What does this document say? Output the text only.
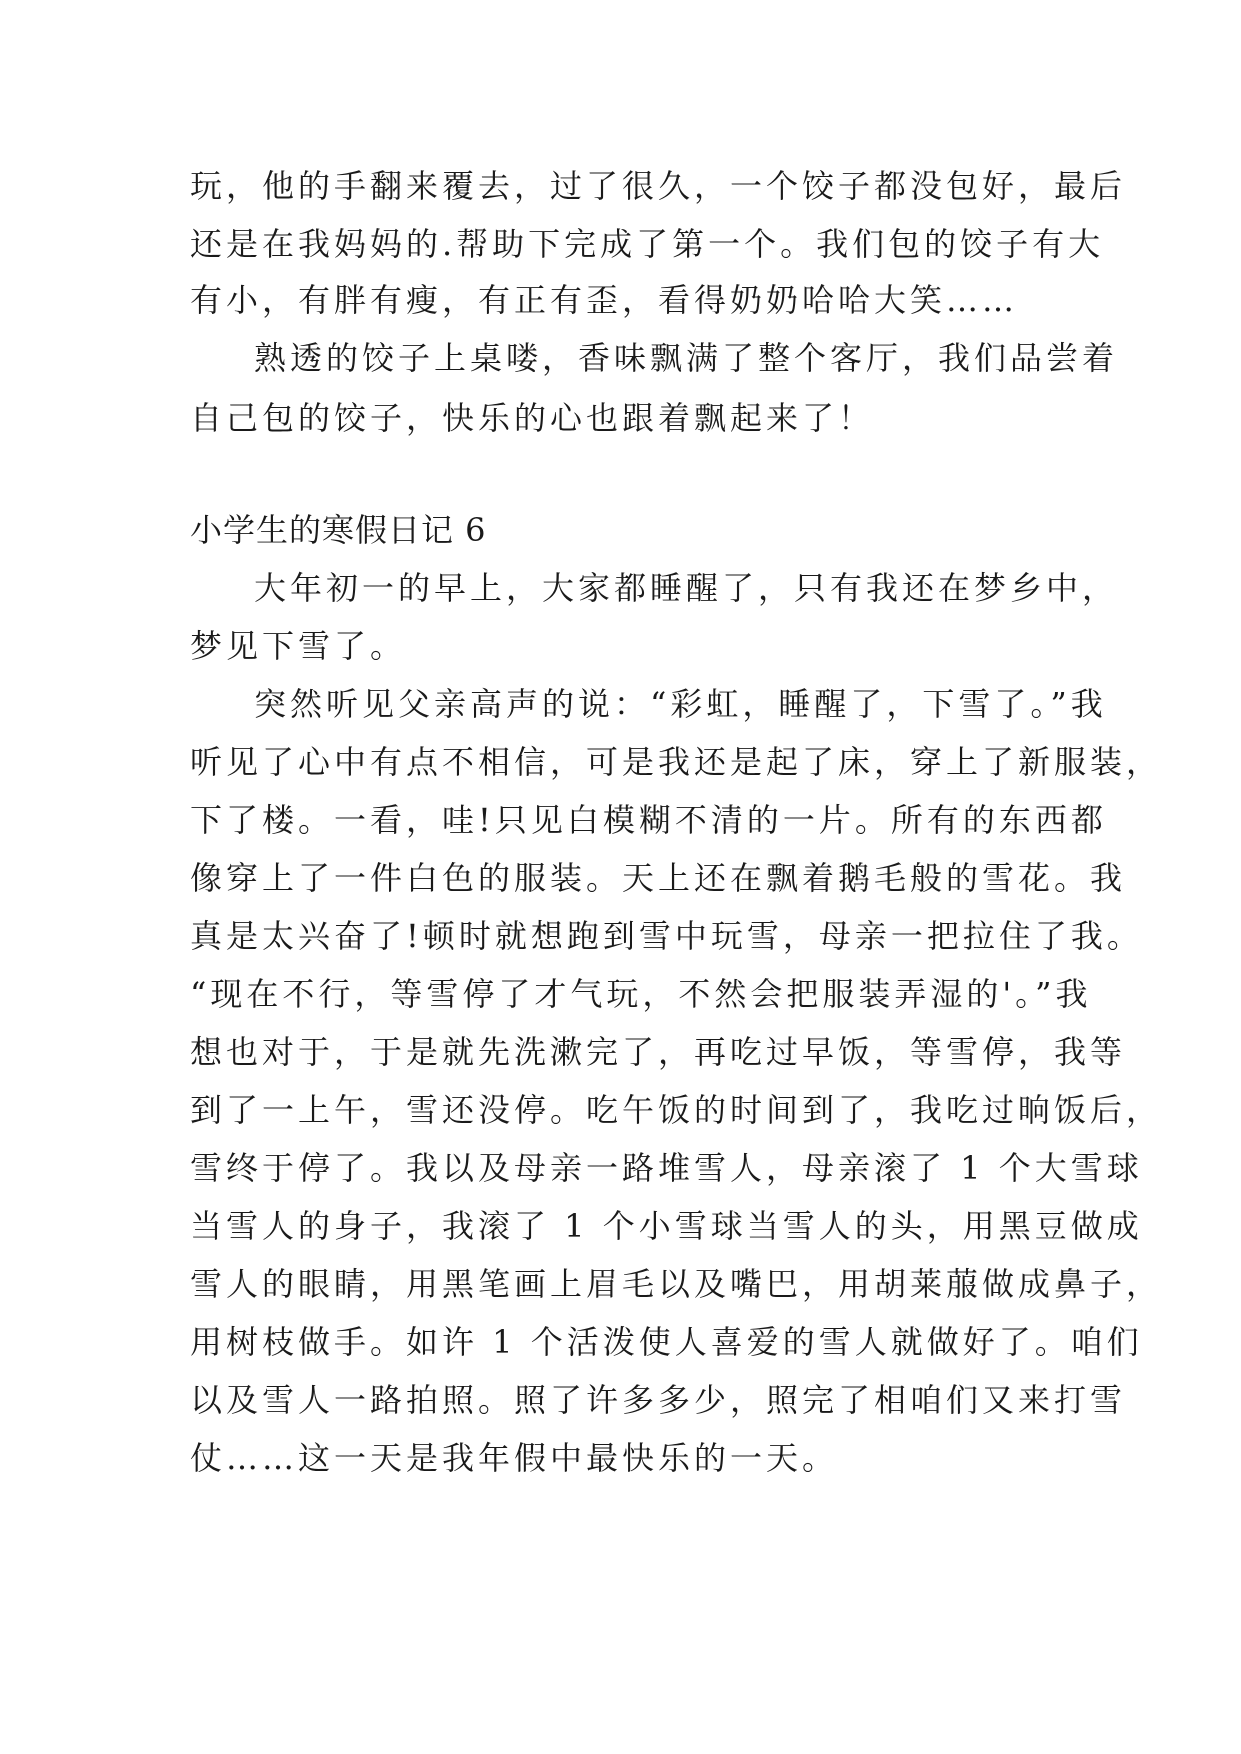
玩，他的手翻来覆去，过了很久，一个饺子都没包好，最后
还是在我妈妈的.帮助下完成了第一个。我们包的饺子有大
有小，有胖有瘦，有正有歪，看得奶奶哈哈大笑……
熟透的饺子上桌喽，香味飘满了整个客厅，我们品尝着
自己包的饺子，快乐的心也跟着飘起来了！
小学生的寒假日记 6
大年初一的早上，大家都睡醒了，只有我还在梦乡中，
梦见下雪了。
突然听见父亲高声的说：“彩虹，睡醒了，下雪了。”我
听见了心中有点不相信，可是我还是起了床，穿上了新服装，
下了楼。一看，哇!只见白模糊不清的一片。所有的东西都
像穿上了一件白色的服装。天上还在飘着鹅毛般的雪花。我
真是太兴奋了!顿时就想跑到雪中玩雪，母亲一把拉住了我。
“现在不行，等雪停了才气玩，不然会把服装弄湿的'。”我
想也对于，于是就先洗漱完了，再吃过早饭，等雪停，我等
到了一上午，雪还没停。吃午饭的时间到了，我吃过晌饭后，
雪终于停了。我以及母亲一路堆雪人，母亲滚了 1 个大雪球
当雪人的身子，我滚了 1 个小雪球当雪人的头，用黑豆做成
雪人的眼睛，用黑笔画上眉毛以及嘴巴，用胡莱菔做成鼻子，
用树枝做手。如许 1 个活泼使人喜爱的雪人就做好了。咱们
以及雪人一路拍照。照了许多多少，照完了相咱们又来打雪
仗……这一天是我年假中最快乐的一天。
